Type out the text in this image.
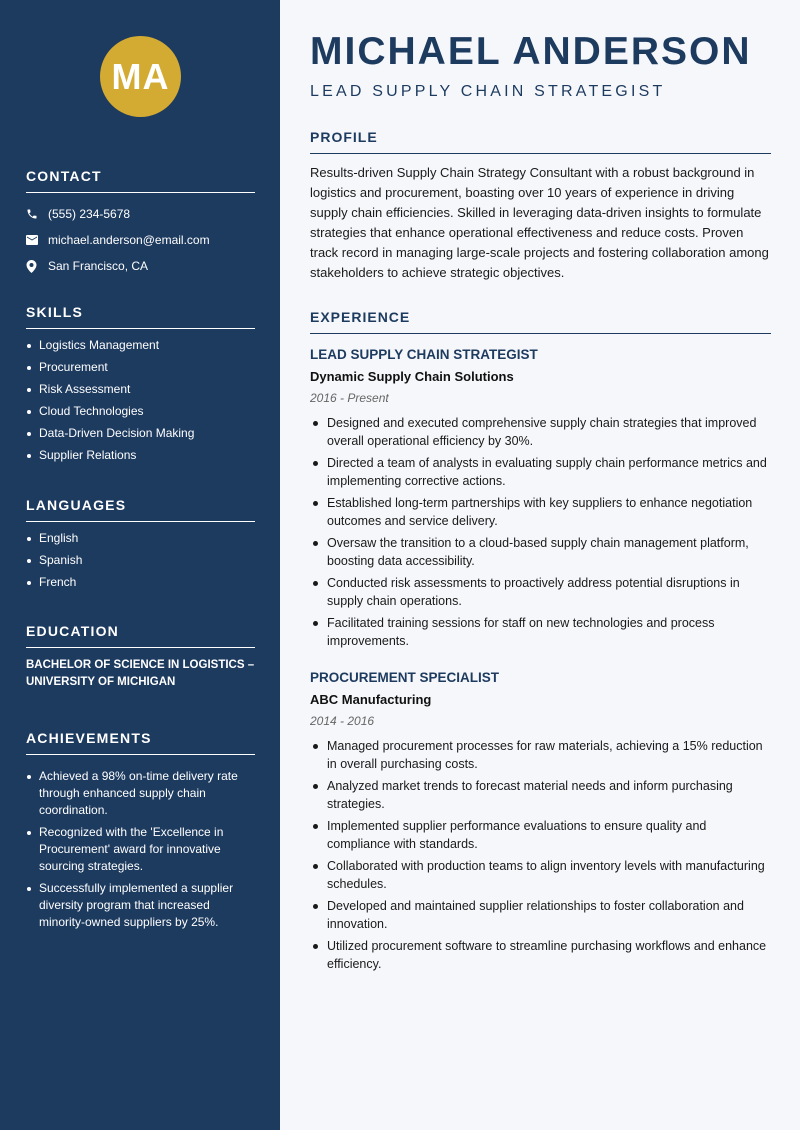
MA
CONTACT
(555) 234-5678
michael.anderson@email.com
San Francisco, CA
SKILLS
Logistics Management
Procurement
Risk Assessment
Cloud Technologies
Data-Driven Decision Making
Supplier Relations
LANGUAGES
English
Spanish
French
EDUCATION
BACHELOR OF SCIENCE IN LOGISTICS – UNIVERSITY OF MICHIGAN
ACHIEVEMENTS
Achieved a 98% on-time delivery rate through enhanced supply chain coordination.
Recognized with the 'Excellence in Procurement' award for innovative sourcing strategies.
Successfully implemented a supplier diversity program that increased minority-owned suppliers by 25%.
MICHAEL ANDERSON
LEAD SUPPLY CHAIN STRATEGIST
PROFILE

Results-driven Supply Chain Strategy Consultant with a robust background in logistics and procurement, boasting over 10 years of experience in driving supply chain efficiencies. Skilled in leveraging data-driven insights to formulate strategies that enhance operational effectiveness and reduce costs. Proven track record in managing large-scale projects and fostering collaboration among stakeholders to achieve strategic objectives.

EXPERIENCE
LEAD SUPPLY CHAIN STRATEGIST
Dynamic Supply Chain Solutions
2016 - Present
Designed and executed comprehensive supply chain strategies that improved overall operational efficiency by 30%.
Directed a team of analysts in evaluating supply chain performance metrics and implementing corrective actions.
Established long-term partnerships with key suppliers to enhance negotiation outcomes and service delivery.
Oversaw the transition to a cloud-based supply chain management platform, boosting data accessibility.
Conducted risk assessments to proactively address potential disruptions in supply chain operations.
Facilitated training sessions for staff on new technologies and process improvements.
PROCUREMENT SPECIALIST
ABC Manufacturing
2014 - 2016
Managed procurement processes for raw materials, achieving a 15% reduction in overall purchasing costs.
Analyzed market trends to forecast material needs and inform purchasing strategies.
Implemented supplier performance evaluations to ensure quality and compliance with standards.
Collaborated with production teams to align inventory levels with manufacturing schedules.
Developed and maintained supplier relationships to foster collaboration and innovation.
Utilized procurement software to streamline purchasing workflows and enhance efficiency.
